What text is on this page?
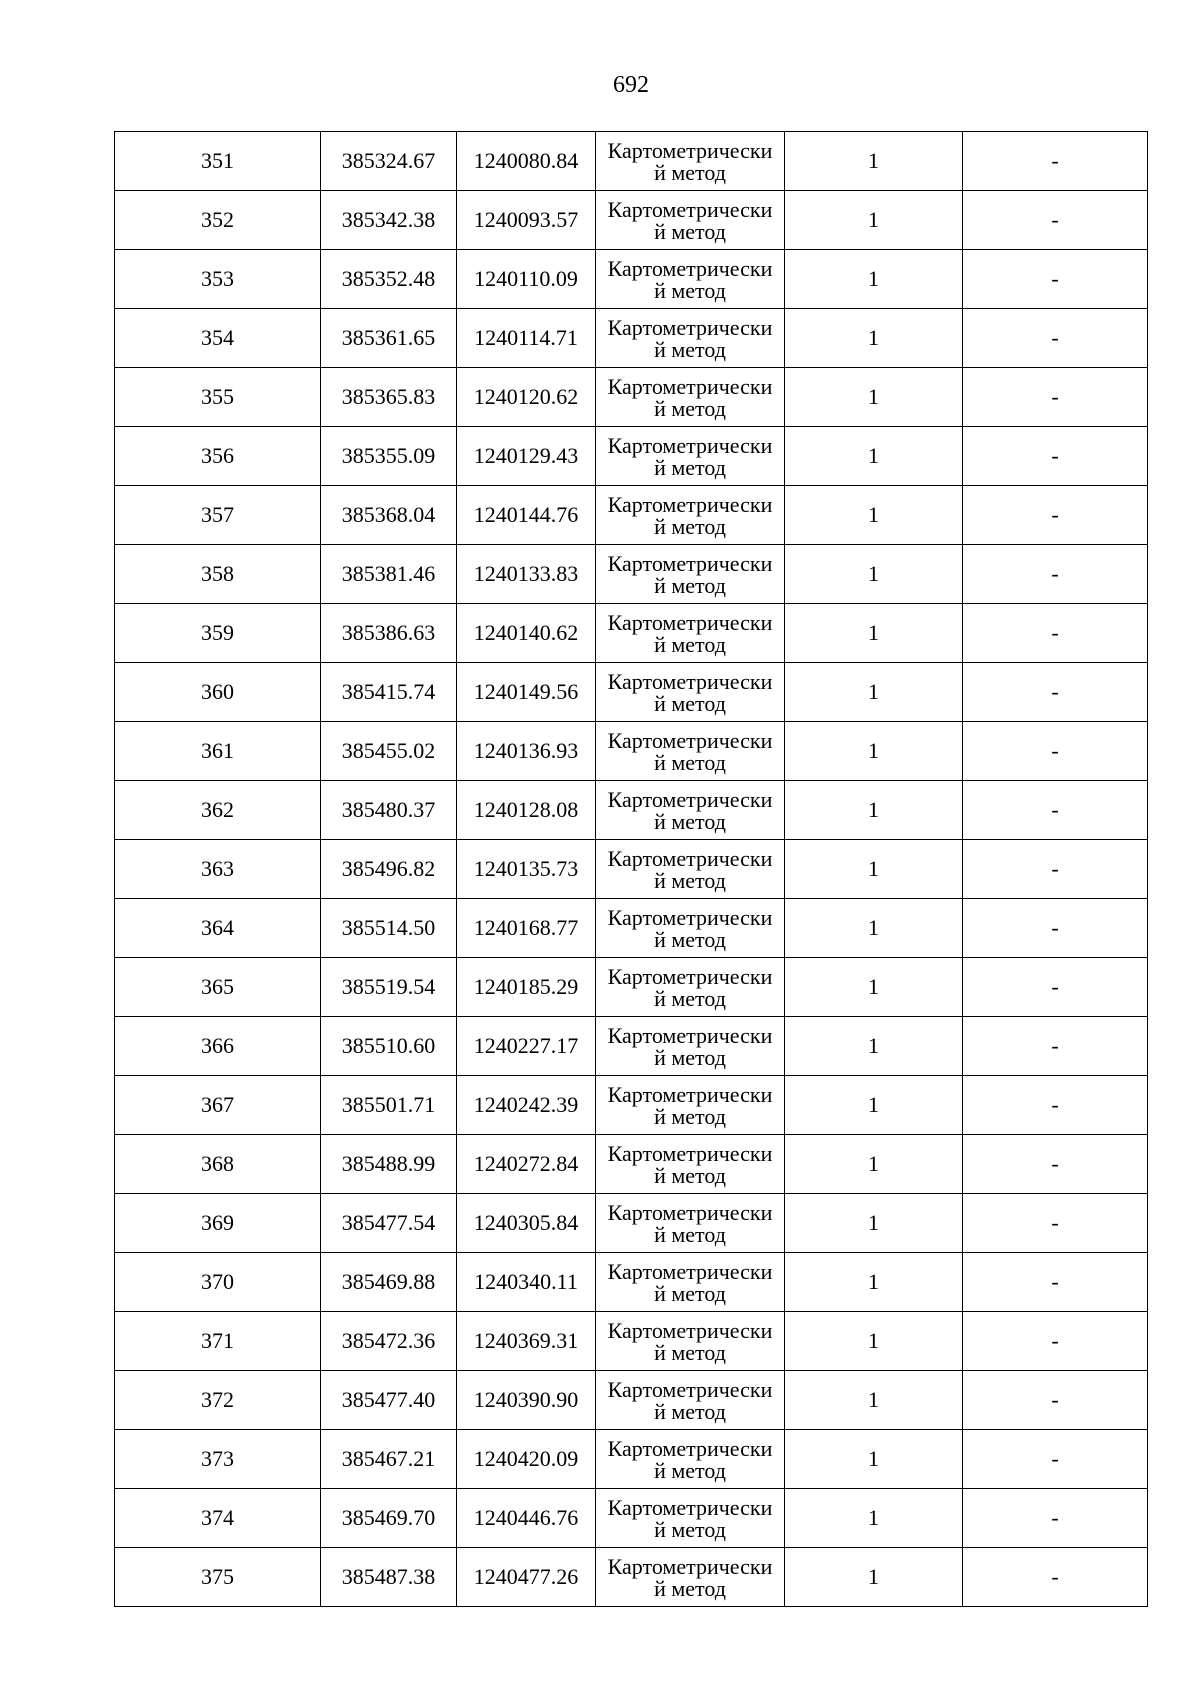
692
351	385324.67	1240080.84	Картометрически
й метод	1	-
352	385342.38	1240093.57	Картометрически
й метод	1	-
353	385352.48	1240110.09	Картометрически
й метод	1	-
354	385361.65	1240114.71	Картометрически
й метод	1	-
355	385365.83	1240120.62	Картометрически
й метод	1	-
356	385355.09	1240129.43	Картометрически
й метод	1	-
357	385368.04	1240144.76	Картометрически
й метод	1	-
358	385381.46	1240133.83	Картометрически
й метод	1	-
359	385386.63	1240140.62	Картометрически
й метод	1	-
360	385415.74	1240149.56	Картометрически
й метод	1	-
361	385455.02	1240136.93	Картометрически
й метод	1	-
362	385480.37	1240128.08	Картометрически
й метод	1	-
363	385496.82	1240135.73	Картометрически
й метод	1	-
364	385514.50	1240168.77	Картометрически
й метод	1	-
365	385519.54	1240185.29	Картометрически
й метод	1	-
366	385510.60	1240227.17	Картометрически
й метод	1	-
367	385501.71	1240242.39	Картометрически
й метод	1	-
368	385488.99	1240272.84	Картометрически
й метод	1	-
369	385477.54	1240305.84	Картометрически
й метод	1	-
370	385469.88	1240340.11	Картометрически
й метод	1	-
371	385472.36	1240369.31	Картометрически
й метод	1	-
372	385477.40	1240390.90	Картометрически
й метод	1	-
373	385467.21	1240420.09	Картометрически
й метод	1	-
374	385469.70	1240446.76	Картометрически
й метод	1	-
375	385487.38	1240477.26	Картометрически
й метод	1	-
